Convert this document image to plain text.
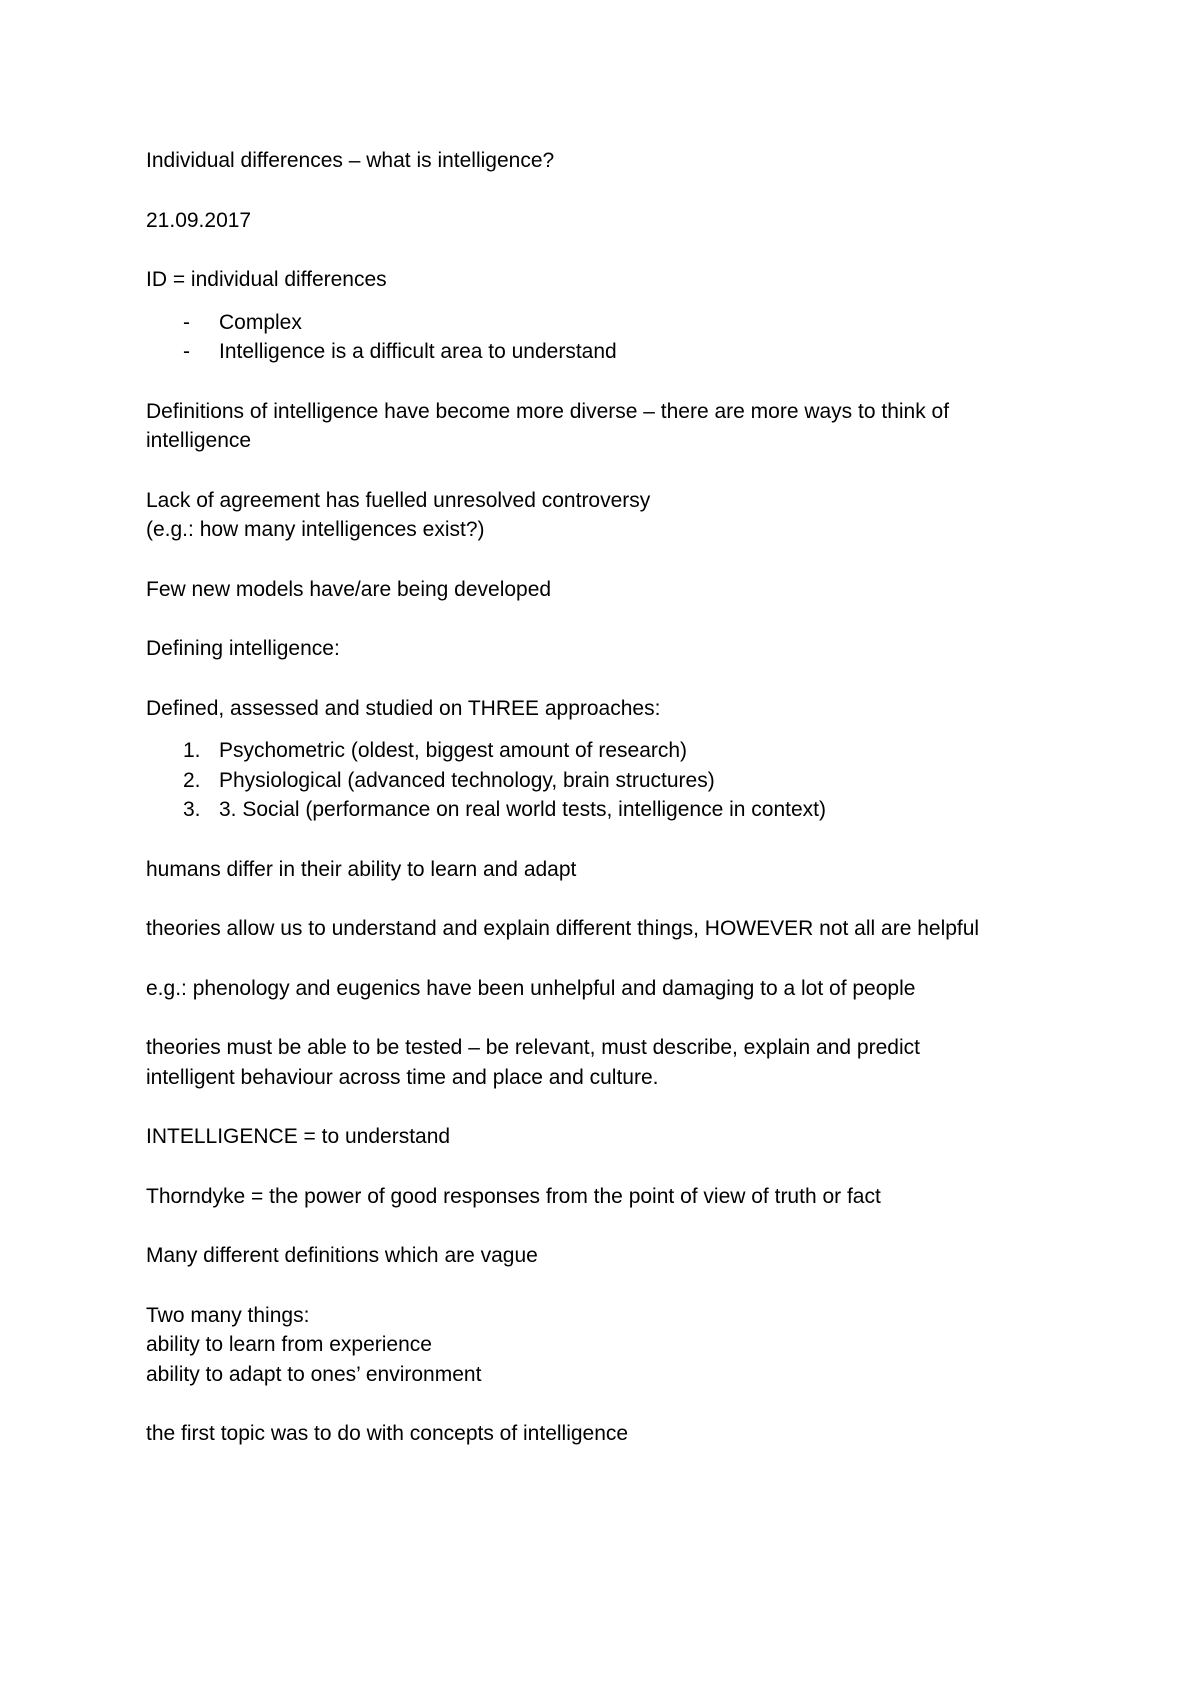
Individual differences – what is intelligence?

21.09.2017

ID = individual differences

- Complex
- Intelligence is a difficult area to understand

Definitions of intelligence have become more diverse – there are more ways to think of
intelligence

Lack of agreement has fuelled unresolved controversy
(e.g.: how many intelligences exist?)

Few new models have/are being developed

Defining intelligence:

Defined, assessed and studied on THREE approaches:

1. Psychometric (oldest, biggest amount of research)
2. Physiological (advanced technology, brain structures)
3. 3. Social (performance on real world tests, intelligence in context)

humans differ in their ability to learn and adapt

theories allow us to understand and explain different things, HOWEVER not all are helpful

e.g.: phenology and eugenics have been unhelpful and damaging to a lot of people

theories must be able to be tested – be relevant, must describe, explain and predict
intelligent behaviour across time and place and culture.

INTELLIGENCE = to understand

Thorndyke = the power of good responses from the point of view of truth or fact

Many different definitions which are vague

Two many things:
ability to learn from experience
ability to adapt to ones’ environment

the first topic was to do with concepts of intelligence
